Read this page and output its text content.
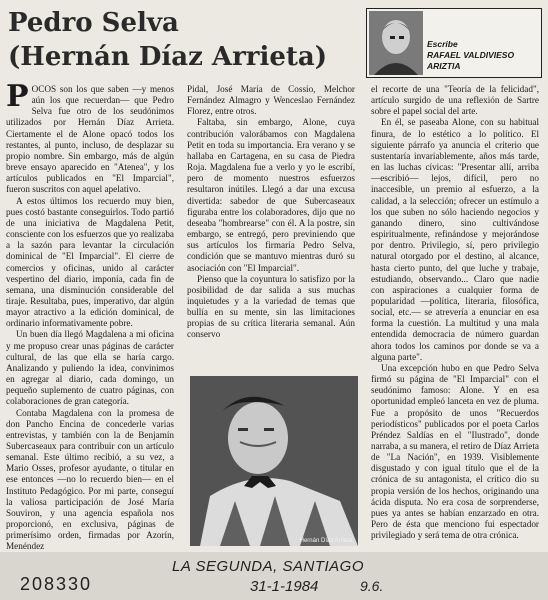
Pedro Selva
(Hernán Díaz Arrieta)	Escribe
RAFAEL VALDIVIESO
ARIZTIA

POCOS son los que saben —y menos aún los que recuerdan— que Pedro Selva fue otro de los seudónimos utilizados por Hernán Díaz Arrieta. Ciertamente el de Alone opacó todos los restantes, al punto, incluso, de desplazar su propio nombre. Sin embargo, más de algún breve ensayo aparecido en "Atenea", y los artículos publicados en "El Imparcial", fueron suscritos con aquel apelativo.

A estos últimos los recuerdo muy bien, pues costó bastante conseguirlos. Todo partió de una iniciativa de Magdalena Petit, consciente con los esfuerzos que yo realizaba a la sazón para levantar la circulación dominical de "El Imparcial". El cierre de comercios y oficinas, unido al carácter vespertino del diario, imponía, cada fin de semana, una disminución considerable del tiraje. Resultaba, pues, imperativo, dar algún mayor atractivo a la edición dominical, de ordinario informativamente pobre.

Un buen día llegó Magdalena a mi oficina y me propuso crear unas páginas de carácter cultural, de las que ella se haría cargo. Analizando y puliendo la idea, convinimos en agregar al diario, cada domingo, un pequeño suplemento de cuatro páginas, con colaboraciones de gran categoría.

Contaba Magdalena con la promesa de don Pancho Encina de concederle varias entrevistas, y también con la de Benjamín Subercaseaux para contribuir con un artículo semanal. Este último recibió, a su vez, a Mario Osses, profesor ayudante, o titular en ese entonces —no lo recuerdo bien— en el Instituto Pedagógico. Por mi parte, conseguí la valiosa participación de José María Souviron, y una agencia española nos proporcionó, en exclusiva, páginas de primerísimo orden, firmadas por Azorín, Menéndez

Pidal, José María de Cossío, Melchor Fernández Almagro y Wenceslao Fernández Florez, entre otros.

Faltaba, sin embargo, Alone, cuya contribución valorábamos con Magdalena Petit en toda su importancia. Era verano y se hallaba en Cartagena, en su casa de Piedra Roja. Magdalena fue a verlo y yo le escribí, pero de momento nuestros esfuerzos resultaron inútiles. Llegó a dar una excusa divertida: sabedor de que Subercaseaux figuraba entre los colaboradores, dijo que no deseaba "hombrearse" con él. A la postre, sin embargo, se entregó, pero previniendo que sus artículos los firmaría Pedro Selva, condición que se mantuvo mientras duró su asociación con "El Imparcial".

Pienso que la coyuntura lo satisfizo por la posibilidad de dar salida a sus muchas inquietudes y a la variedad de temas que bullía en su mente, sin las limitaciones propias de su crítica literaria semanal. Aún conservo

Hernán Díaz Arrieta.

el recorte de una "Teoría de la felicidad", artículo surgido de una reflexión de Sartre sobre el papel social del arte.

En él, se paseaba Alone, con su habitual finura, de lo estético a lo político. El siguiente párrafo ya anuncia el criterio que sustentaría invariablemente, años más tarde, en las luchas cívicas: "Presentar allí, arriba —escribió— lejos, difícil, pero no inaccesible, un premio al esfuerzo, a la calidad, a la selección; ofrecer un estímulo a los que suben no sólo haciendo negocios y ganando dinero, sino cultivándose espiritualmente, refinándose y mejorándose por dentro. Privilegio, sí, pero privilegio natural otorgado por el destino, al alcance, hasta cierto punto, del que luche y trabaje, estudiando, observando... Claro que nadie con aspiraciones a cualquier forma de popularidad —política, literaria, filosófica, social, etc.— se atrevería a enunciar en esa forma la cuestión. La multitud y una mala entendida democracia de número guardan ahora todos los caminos por donde se va a alguna parte".

Una excepción hubo en que Pedro Selva firmó su página de "El Imparcial" con el seudónimo famoso: Alone. Y en esa oportunidad empleó lanceta en vez de pluma. Fue a propósito de unos "Recuerdos periodísticos" publicados por el poeta Carlos Préndez Saldías en el "Ilustrado", donde narraba, a su manera, el retiro de Díaz Arrieta de "La Nación", en 1939. Visiblemente disgustado y con igual título que el de la crónica de su antagonista, el crítico dio su propia versión de los hechos, originando una ácida disputa. No era cosa de sorprenderse, pues ya antes se habían enzarzado en otra. Pero de ésta que menciono fui espectador privilegiado y será tema de otra crónica.

LA SEGUNDA, SANTIAGO
31-1-1984	9.6.
208330
